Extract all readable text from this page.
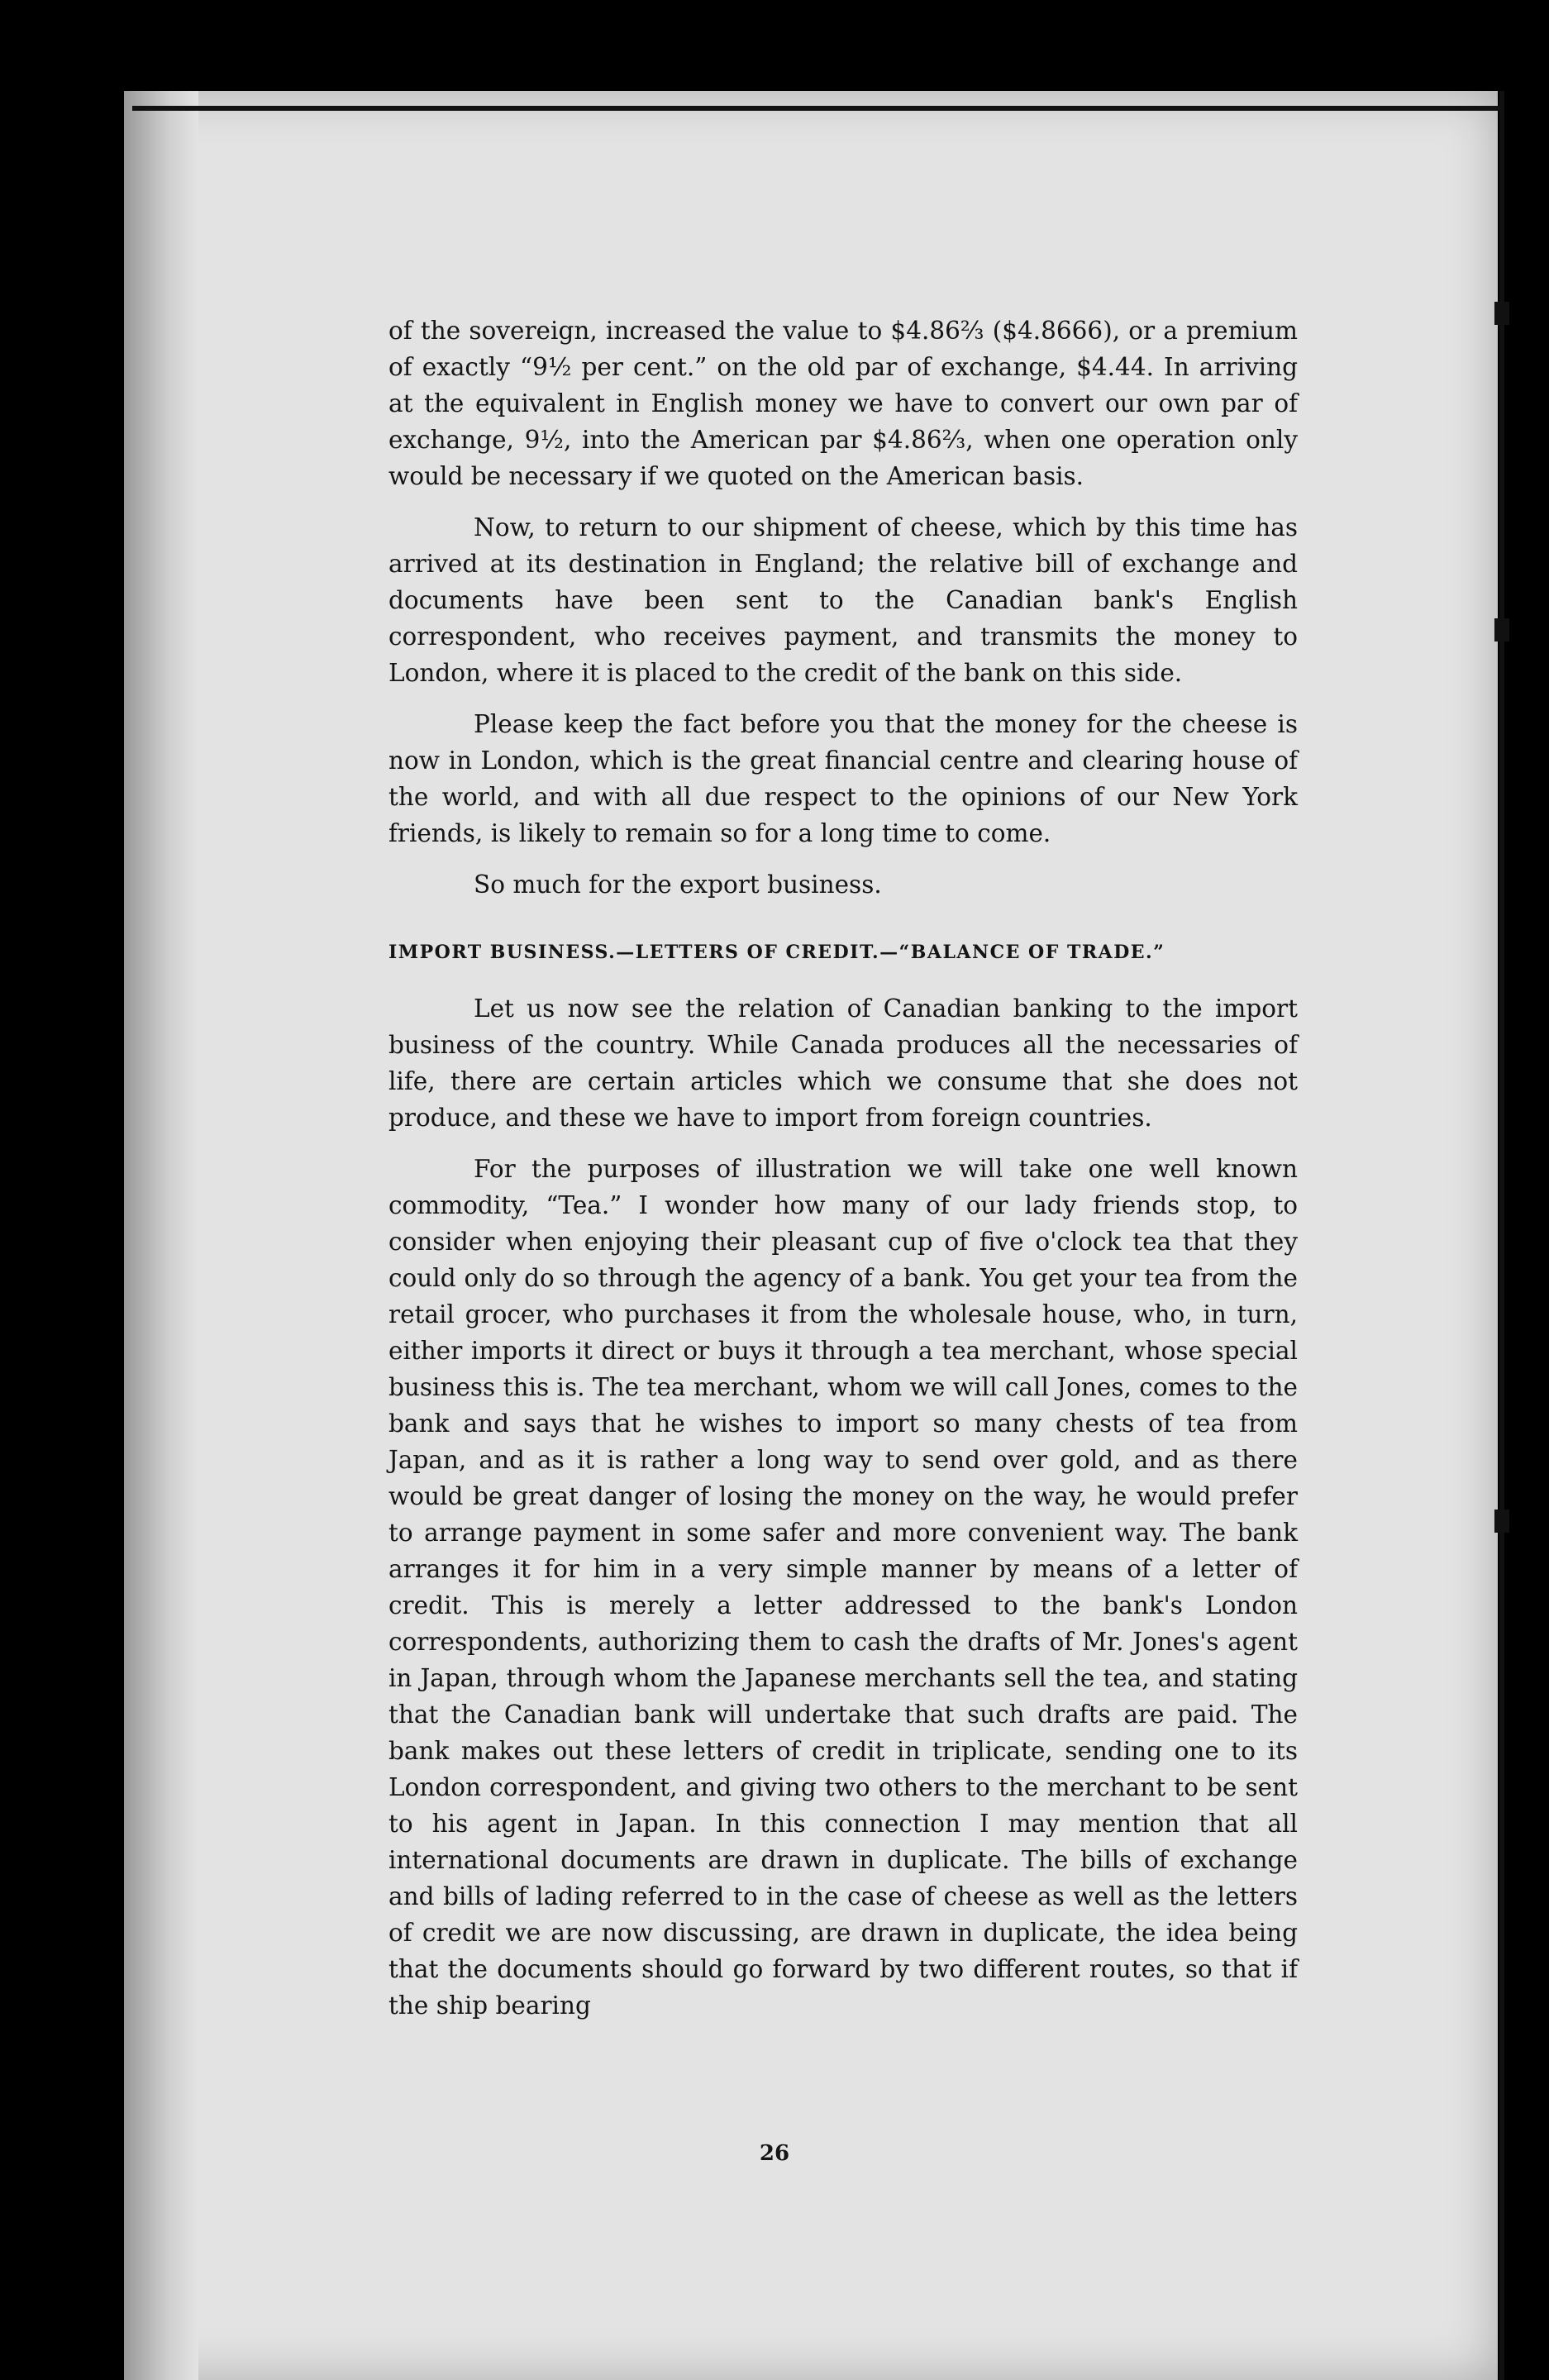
of the sovereign, increased the value to $4.86⅔ ($4.8666), or a premium of exactly “9½ per cent.” on the old par of exchange, $4.44. In arriving at the equivalent in English money we have to convert our own par of exchange, 9½, into the American par $4.86⅔, when one operation only would be necessary if we quoted on the American basis.

Now, to return to our shipment of cheese, which by this time has arrived at its destination in England; the relative bill of exchange and documents have been sent to the Canadian bank's English correspondent, who receives payment, and transmits the money to London, where it is placed to the credit of the bank on this side.

Please keep the fact before you that the money for the cheese is now in London, which is the great financial centre and clearing house of the world, and with all due respect to the opinions of our New York friends, is likely to remain so for a long time to come.

So much for the export business.

IMPORT BUSINESS.—LETTERS OF CREDIT.—“BALANCE OF TRADE.”

Let us now see the relation of Canadian banking to the import business of the country. While Canada produces all the necessaries of life, there are certain articles which we consume that she does not produce, and these we have to import from foreign countries.

For the purposes of illustration we will take one well known commodity, “Tea.” I wonder how many of our lady friends stop, to consider when enjoying their pleasant cup of five o'clock tea that they could only do so through the agency of a bank. You get your tea from the retail grocer, who purchases it from the wholesale house, who, in turn, either imports it direct or buys it through a tea merchant, whose special business this is. The tea merchant, whom we will call Jones, comes to the bank and says that he wishes to import so many chests of tea from Japan, and as it is rather a long way to send over gold, and as there would be great danger of losing the money on the way, he would prefer to arrange payment in some safer and more convenient way. The bank arranges it for him in a very simple manner by means of a letter of credit. This is merely a letter addressed to the bank's London correspondents, authorizing them to cash the drafts of Mr. Jones's agent in Japan, through whom the Japanese merchants sell the tea, and stating that the Canadian bank will undertake that such drafts are paid. The bank makes out these letters of credit in triplicate, sending one to its London correspondent, and giving two others to the merchant to be sent to his agent in Japan. In this connection I may mention that all international documents are drawn in duplicate. The bills of exchange and bills of lading referred to in the case of cheese as well as the letters of credit we are now discussing, are drawn in duplicate, the idea being that the documents should go forward by two different routes, so that if the ship bearing

26
